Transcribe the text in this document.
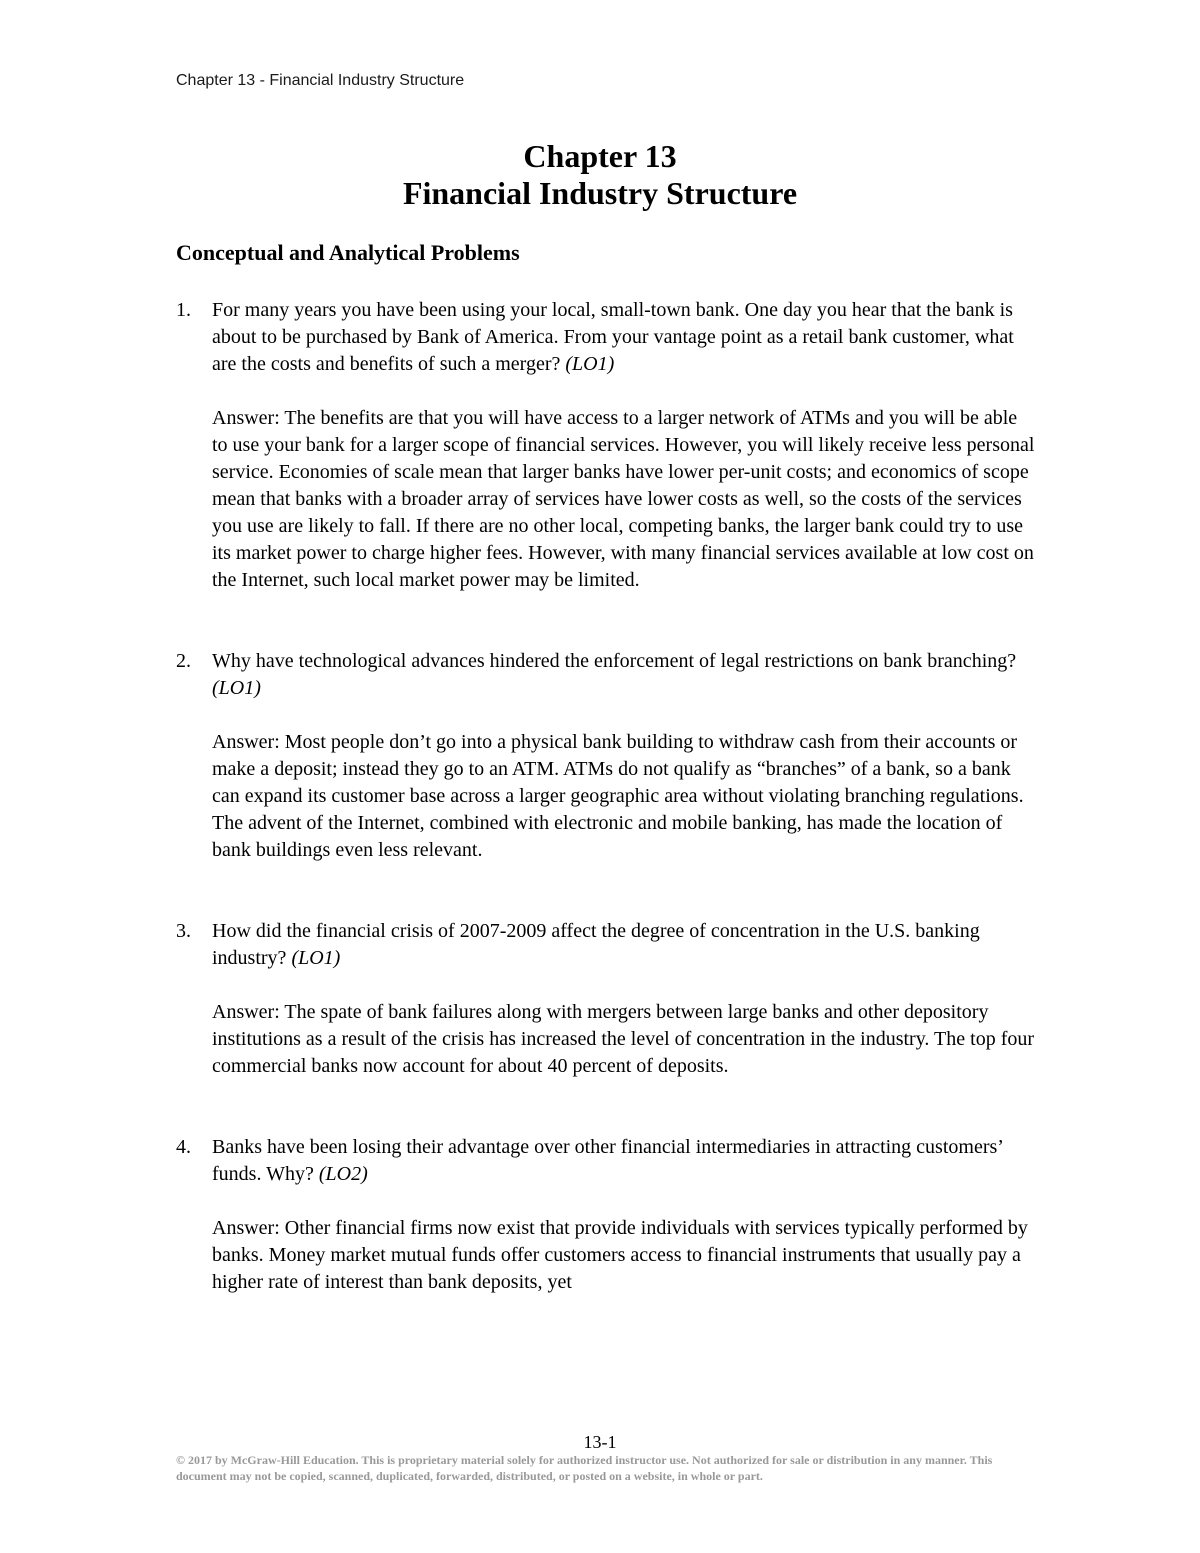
Chapter 13 - Financial Industry Structure
Chapter 13
Financial Industry Structure
Conceptual and Analytical Problems
1. For many years you have been using your local, small-town bank. One day you hear that the bank is about to be purchased by Bank of America. From your vantage point as a retail bank customer, what are the costs and benefits of such a merger? (LO1)

Answer: The benefits are that you will have access to a larger network of ATMs and you will be able to use your bank for a larger scope of financial services. However, you will likely receive less personal service. Economies of scale mean that larger banks have lower per-unit costs; and economics of scope mean that banks with a broader array of services have lower costs as well, so the costs of the services you use are likely to fall. If there are no other local, competing banks, the larger bank could try to use its market power to charge higher fees. However, with many financial services available at low cost on the Internet, such local market power may be limited.

2. Why have technological advances hindered the enforcement of legal restrictions on bank branching? (LO1)

Answer: Most people don’t go into a physical bank building to withdraw cash from their accounts or make a deposit; instead they go to an ATM. ATMs do not qualify as “branches” of a bank, so a bank can expand its customer base across a larger geographic area without violating branching regulations. The advent of the Internet, combined with electronic and mobile banking, has made the location of bank buildings even less relevant.

3. How did the financial crisis of 2007-2009 affect the degree of concentration in the U.S. banking industry? (LO1)

Answer: The spate of bank failures along with mergers between large banks and other depository institutions as a result of the crisis has increased the level of concentration in the industry. The top four commercial banks now account for about 40 percent of deposits.

4. Banks have been losing their advantage over other financial intermediaries in attracting customers’ funds. Why? (LO2)

Answer: Other financial firms now exist that provide individuals with services typically performed by banks. Money market mutual funds offer customers access to financial instruments that usually pay a higher rate of interest than bank deposits, yet

13-1
© 2017 by McGraw-Hill Education. This is proprietary material solely for authorized instructor use. Not authorized for sale or distribution in any manner. This document may not be copied, scanned, duplicated, forwarded, distributed, or posted on a website, in whole or part.
